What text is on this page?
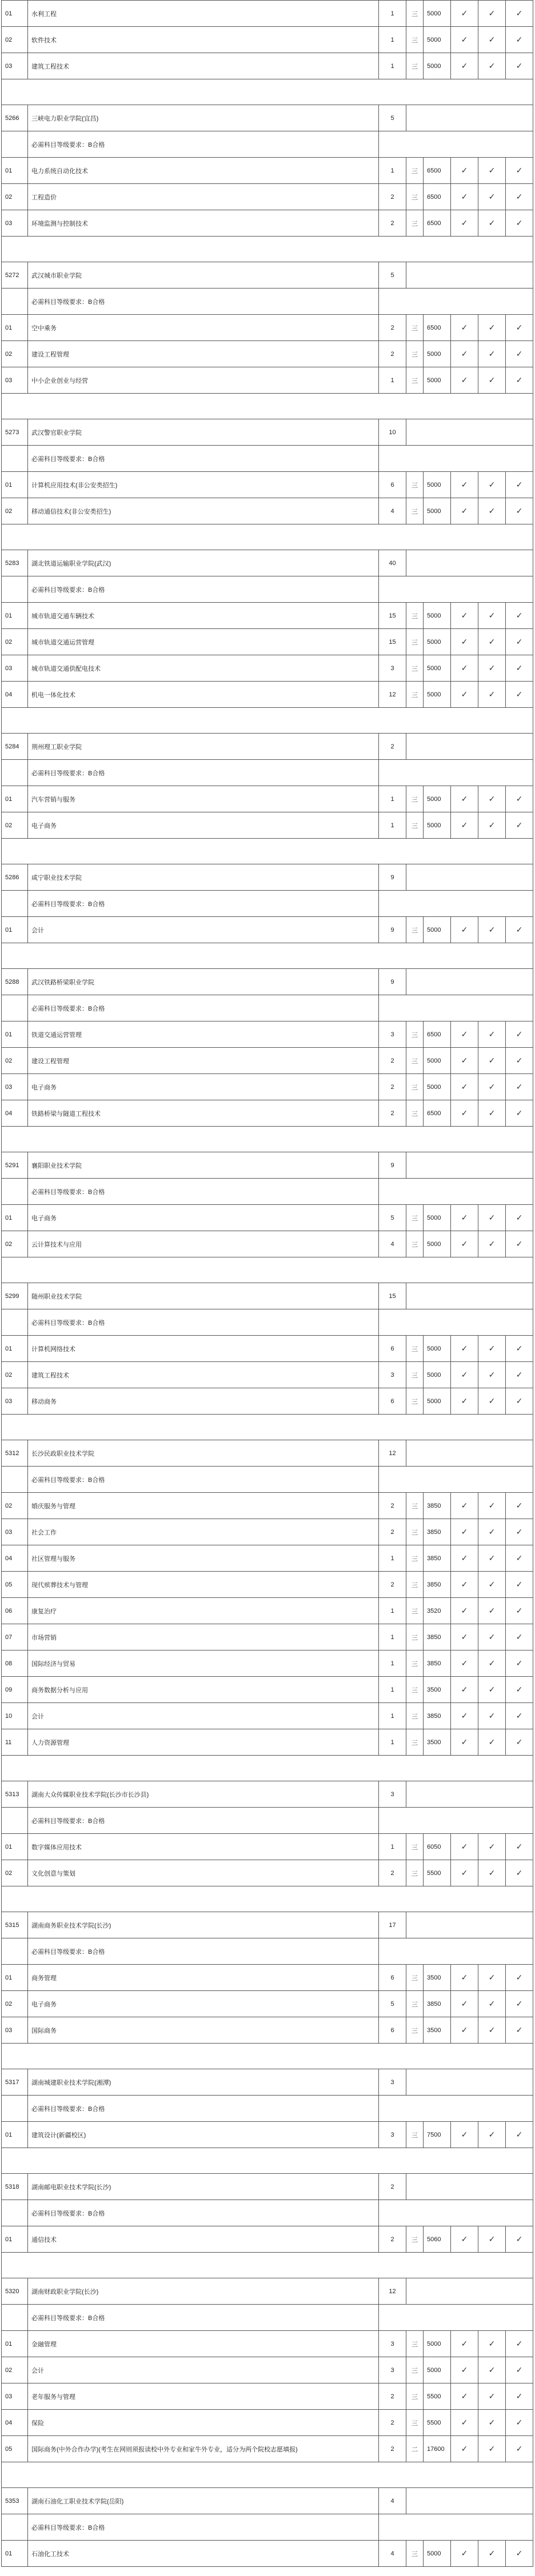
01	水利工程	1	三	5000	✓	✓	✓
02	软件技术	1	三	5000	✓	✓	✓
03	建筑工程技术	1	三	5000	✓	✓	✓

5266	三峡电力职业学院(宜昌)	5					
	必需科目等级要求：B合格						
01	电力系统自动化技术	1	三	6500	✓	✓	✓
02	工程造价	2	三	6500	✓	✓	✓
03	环境监测与控制技术	2	三	6500	✓	✓	✓

5272	武汉城市职业学院	5					
	必需科目等级要求：B合格						
01	空中乘务	2	三	6500	✓	✓	✓
02	建设工程管理	2	三	5000	✓	✓	✓
03	中小企业创业与经营	1	三	5000	✓	✓	✓

5273	武汉警官职业学院	10					
	必需科目等级要求：B合格						
01	计算机应用技术(非公安类招生)	6	三	5000	✓	✓	✓
02	移动通信技术(非公安类招生)	4	三	5000	✓	✓	✓

5283	湖北铁道运输职业学院(武汉)	40					
	必需科目等级要求：B合格						
01	城市轨道交通车辆技术	15	三	5000	✓	✓	✓
02	城市轨道交通运营管理	15	三	5000	✓	✓	✓
03	城市轨道交通供配电技术	3	三	5000	✓	✓	✓
04	机电一体化技术	12	三	5000	✓	✓	✓

5284	荆州理工职业学院	2					
	必需科目等级要求：B合格						
01	汽车营销与服务	1	三	5000	✓	✓	✓
02	电子商务	1	三	5000	✓	✓	✓

5286	咸宁职业技术学院	9					
	必需科目等级要求：B合格						
01	会计	9	三	5000	✓	✓	✓

5288	武汉铁路桥梁职业学院	9					
	必需科目等级要求：B合格						
01	铁道交通运营管理	3	三	6500	✓	✓	✓
02	建设工程管理	2	三	5000	✓	✓	✓
03	电子商务	2	三	5000	✓	✓	✓
04	铁路桥梁与隧道工程技术	2	三	6500	✓	✓	✓

5291	襄阳职业技术学院	9					
	必需科目等级要求：B合格						
01	电子商务	5	三	5000	✓	✓	✓
02	云计算技术与应用	4	三	5000	✓	✓	✓

5299	随州职业技术学院	15					
	必需科目等级要求：B合格						
01	计算机网络技术	6	三	5000	✓	✓	✓
02	建筑工程技术	3	三	5000	✓	✓	✓
03	移动商务	6	三	5000	✓	✓	✓

5312	长沙民政职业技术学院	12					
	必需科目等级要求：B合格						
02	婚庆服务与管理	2	三	3850	✓	✓	✓
03	社会工作	2	三	3850	✓	✓	✓
04	社区管理与服务	1	三	3850	✓	✓	✓
05	现代殡葬技术与管理	2	三	3850	✓	✓	✓
06	康复治疗	1	三	3520	✓	✓	✓
07	市场营销	1	三	3850	✓	✓	✓
08	国际经济与贸易	1	三	3850	✓	✓	✓
09	商务数据分析与应用	1	三	3500	✓	✓	✓
10	会计	1	三	3850	✓	✓	✓
11	人力资源管理	1	三	3500	✓	✓	✓

5313	湖南大众传媒职业技术学院(长沙市长沙县)	3					
	必需科目等级要求：B合格						
01	数字媒体应用技术	1	三	6050	✓	✓	✓
02	文化创意与策划	2	三	5500	✓	✓	✓

5315	湖南商务职业技术学院(长沙)	17					
	必需科目等级要求：B合格						
01	商务管理	6	三	3500	✓	✓	✓
02	电子商务	5	三	3850	✓	✓	✓
03	国际商务	6	三	3500	✓	✓	✓

5317	湖南城建职业技术学院(湘潭)	3					
	必需科目等级要求：B合格						
01	建筑设计(新疆校区)	3	三	7500	✓	✓	✓

5318	湖南邮电职业技术学院(长沙)	2					
	必需科目等级要求：B合格						
01	通信技术	2	三	5060	✓	✓	✓

5320	湖南财政职业学院(长沙)	12					
	必需科目等级要求：B合格						
01	金融管理	3	三	5000	✓	✓	✓
02	会计	3	三	5000	✓	✓	✓
03	老年服务与管理	2	三	5500	✓	✓	✓
04	保险	2	三	5500	✓	✓	✓
05	国际商务(中外合作办学)(考生在网则须报读校中外专业和家牛外专业，适分为两个院校志愿填报)	2	二	17600	✓	✓	✓

5353	湖南石油化工职业技术学院(岳阳)	4					
	必需科目等级要求：B合格						
01	石油化工技术	4	三	5000	✓	✓	✓
